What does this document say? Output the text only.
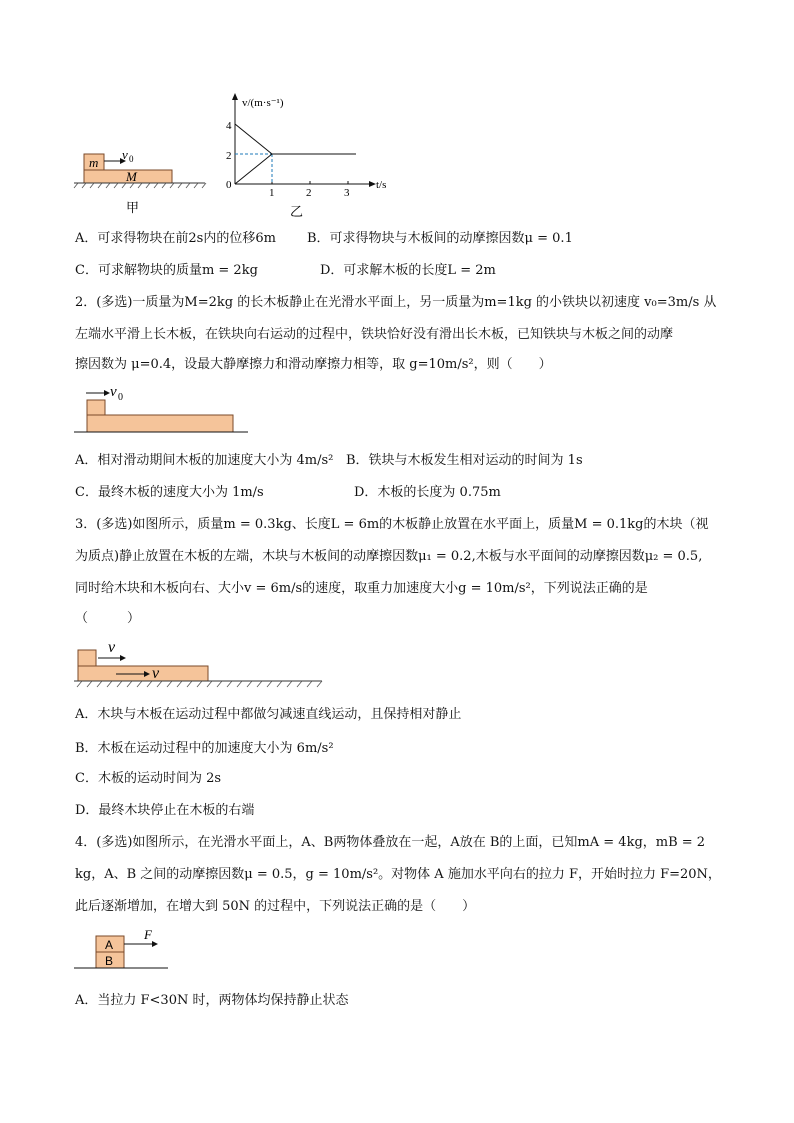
m
M
v 0
甲
v/(m·s⁻¹)
t/s
4
2
0
1	2	3
乙
A．可求得物块在前2s内的位移6m B．可求得物块与木板间的动摩擦因数μ = 0.1
C．可求解物块的质量m = 2kg	D．可求解木板的长度L = 2m
2．(多选)一质量为M=2kg 的长木板静止在光滑水平面上，另一质量为m=1kg 的小铁块以初速度 v₀=3m/s 从
左端水平滑上长木板，在铁块向右运动的过程中，铁块恰好没有滑出长木板，已知铁块与木板之间的动摩
擦因数为 μ=0.4，设最大静摩擦力和滑动摩擦力相等，取 g=10m/s²，则（　　）
v 0
A．相对滑动期间木板的加速度大小为 4m/s² B．铁块与木板发生相对运动的时间为 1s
C．最终木板的速度大小为 1m/s	D．木板的长度为 0.75m
3．(多选)如图所示，质量m = 0.3kg、长度L = 6m的木板静止放置在水平面上，质量M = 0.1kg的木块（视
为质点)静止放置在木板的左端，木块与木板间的动摩擦因数μ₁ = 0.2,木板与水平面间的动摩擦因数μ₂ = 0.5,
同时给木块和木板向右、大小v = 6m/s的速度，取重力加速度大小g = 10m/s²，下列说法正确的是
（　　　）
v
v
A．木块与木板在运动过程中都做匀减速直线运动，且保持相对静止
B．木板在运动过程中的加速度大小为 6m/s²
C．木板的运动时间为 2s
D．最终木块停止在木板的右端
4．(多选)如图所示，在光滑水平面上，A、B两物体叠放在一起，A放在 B的上面，已知mA = 4kg，mB = 2
kg，A、B 之间的动摩擦因数μ = 0.5，g = 10m/s²。对物体 A 施加水平向右的拉力 F，开始时拉力 F=20N，
此后逐渐增加，在增大到 50N 的过程中，下列说法正确的是（　　）
A
B
F
A．当拉力 F<30N 时，两物体均保持静止状态
